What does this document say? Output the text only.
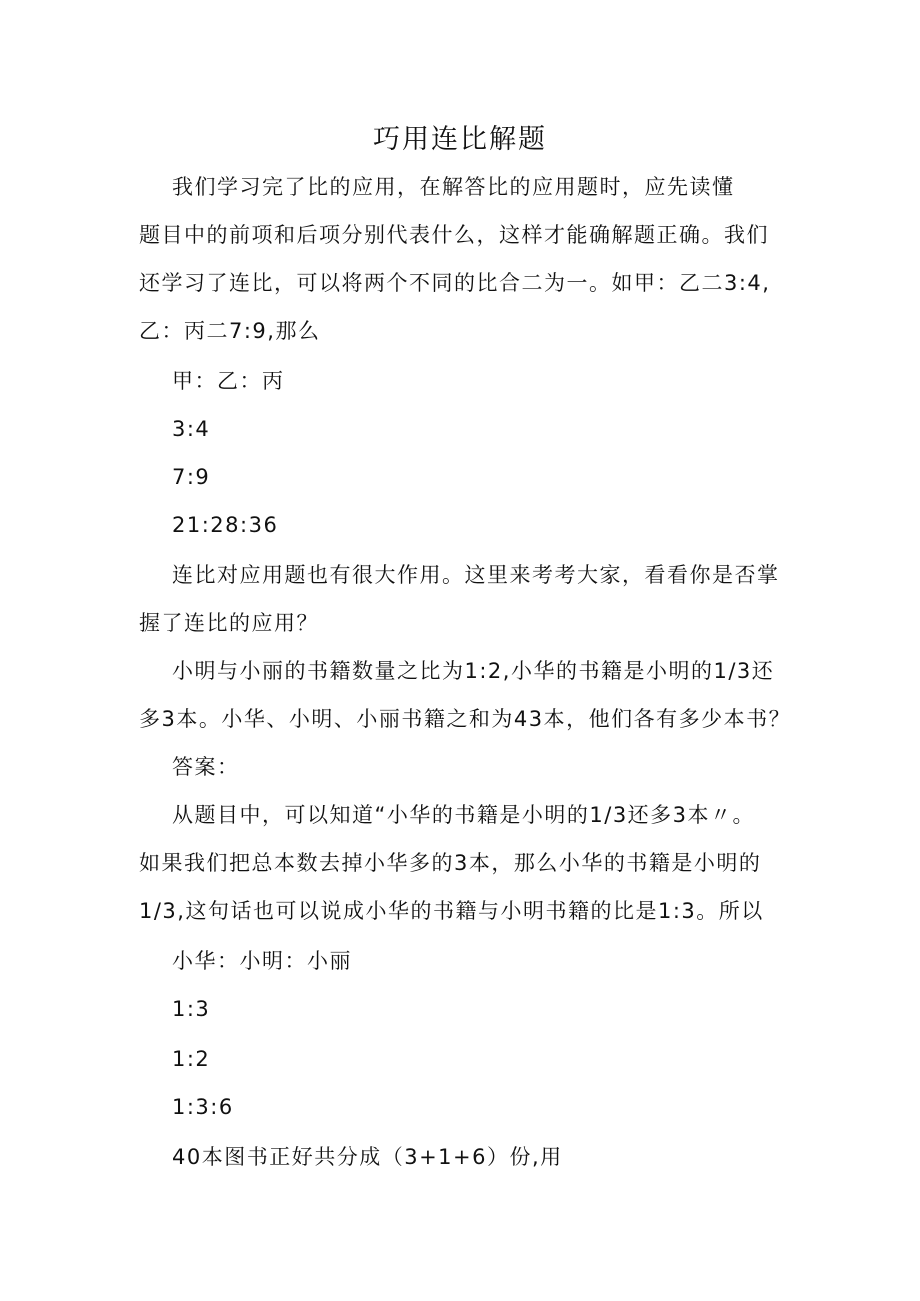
巧用连比解题
我们学习完了比的应用，在解答比的应用题时，应先读懂
题目中的前项和后项分别代表什么，这样才能确解题正确。我们
还学习了连比，可以将两个不同的比合二为一。如甲：乙二3:4,
乙：丙二7:9,那么
甲：乙：丙
3:4
7:9
21:28:36
连比对应用题也有很大作用。这里来考考大家，看看你是否掌
握了连比的应用？
小明与小丽的书籍数量之比为1:2,小华的书籍是小明的1/3还
多3本。小华、小明、小丽书籍之和为43本，他们各有多少本书？
答案：
从题目中，可以知道“小华的书籍是小明的1/3还多3本〃。
如果我们把总本数去掉小华多的3本，那么小华的书籍是小明的
1/3,这句话也可以说成小华的书籍与小明书籍的比是1:3。所以
小华：小明：小丽
1:3
1:2
1:3:6
40本图书正好共分成（3+1+6）份,用
